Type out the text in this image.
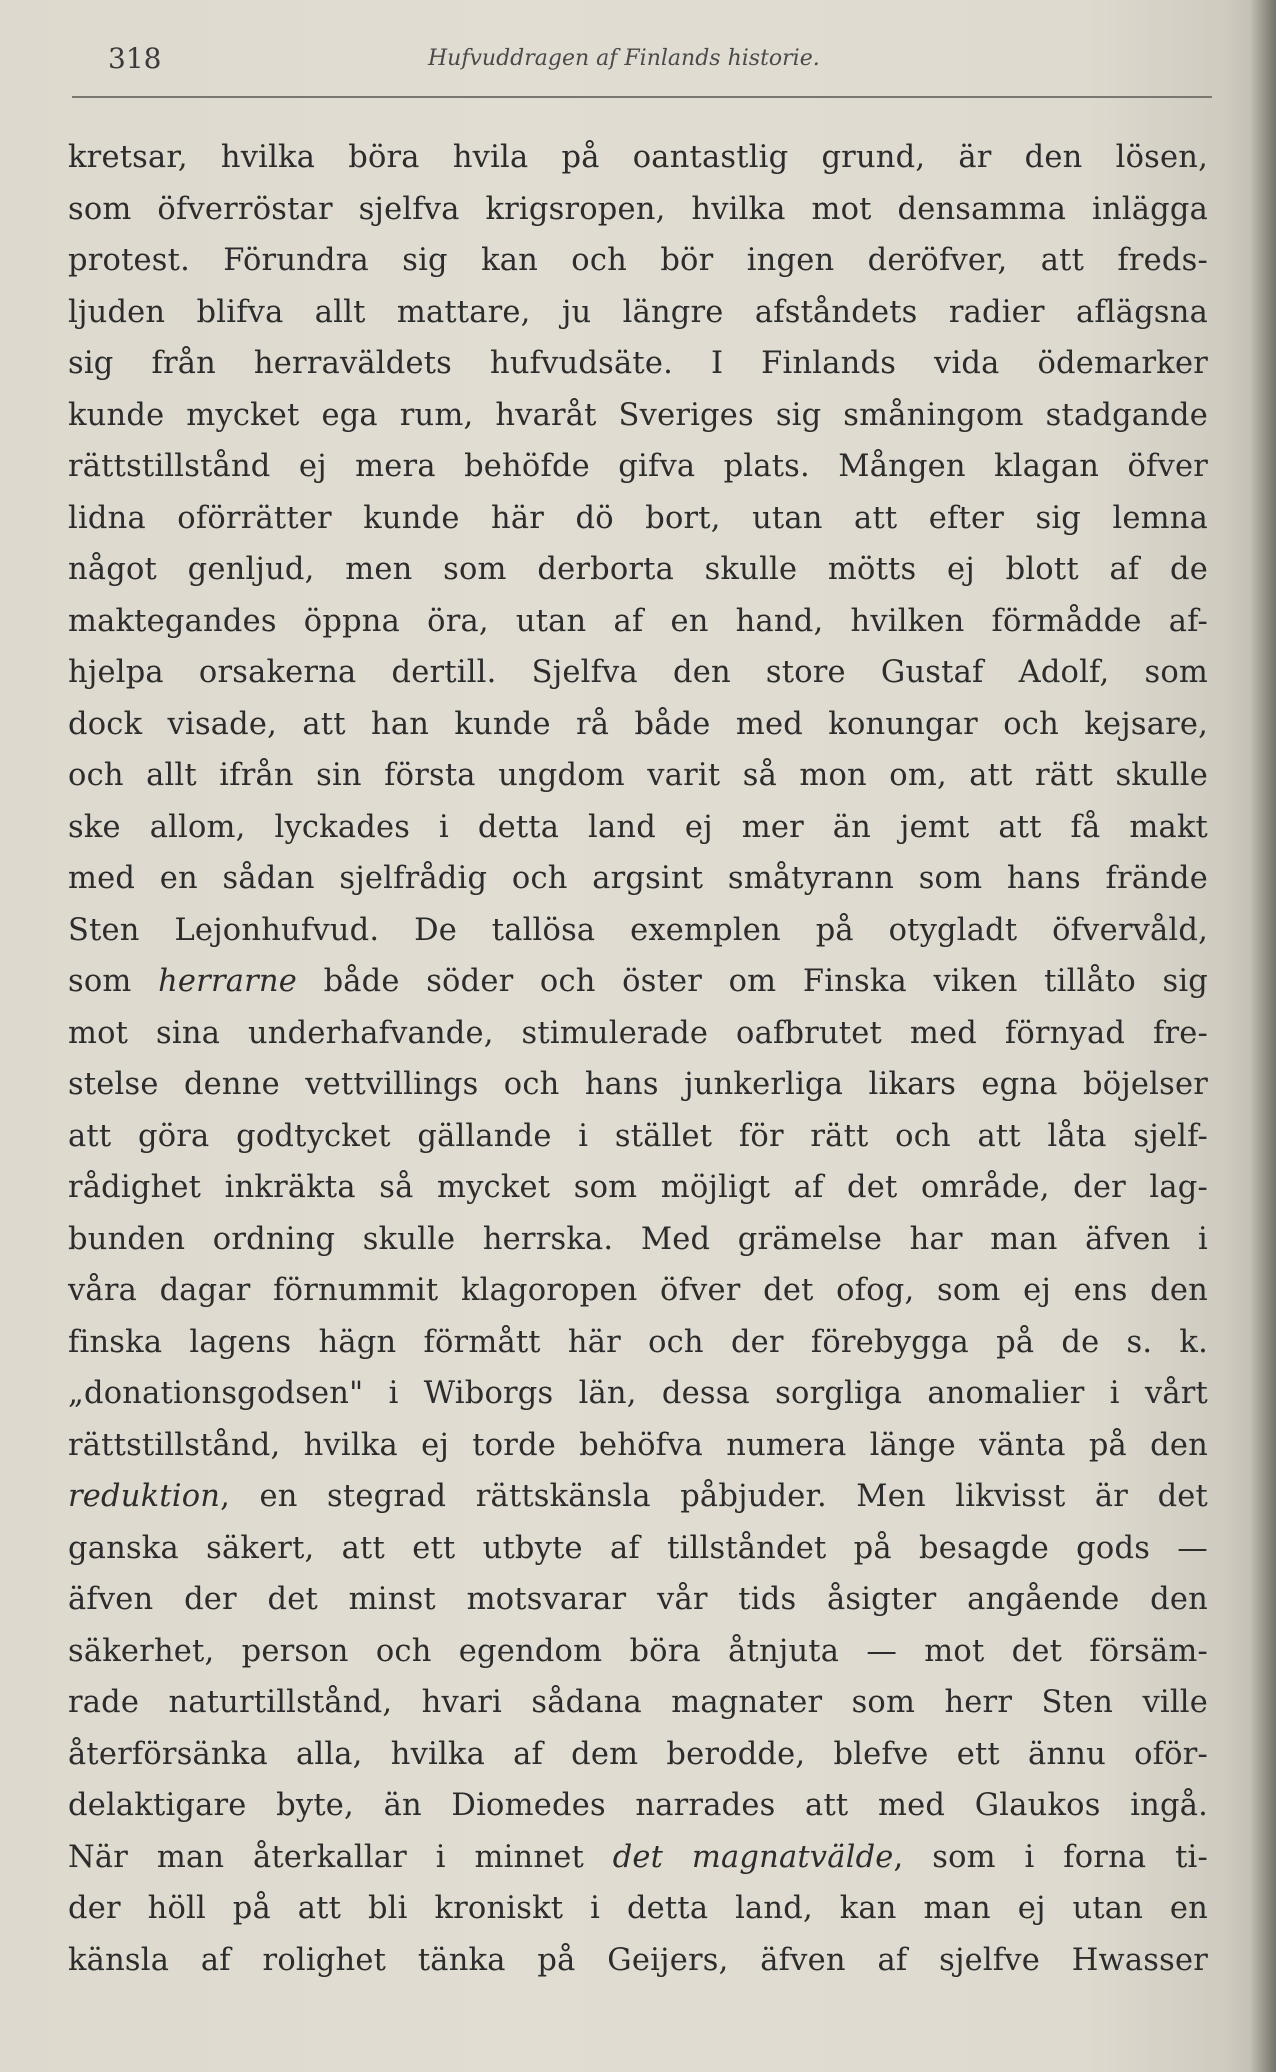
318	Hufvuddragen af Finlands historie.
kretsar, hvilka böra hvila på oantastlig grund, är den lösen,
som öfverröstar sjelfva krigsropen, hvilka mot densamma inlägga
protest. Förundra sig kan och bör ingen deröfver, att freds-
ljuden blifva allt mattare, ju längre afståndets radier aflägsna
sig från herraväldets hufvudsäte. I Finlands vida ödemarker
kunde mycket ega rum, hvaråt Sveriges sig småningom stadgande
rättstillstånd ej mera behöfde gifva plats. Mången klagan öfver
lidna oförrätter kunde här dö bort, utan att efter sig lemna
något genljud, men som derborta skulle mötts ej blott af de
maktegandes öppna öra, utan af en hand, hvilken förmådde af-
hjelpa orsakerna dertill. Sjelfva den store Gustaf Adolf, som
dock visade, att han kunde rå både med konungar och kejsare,
och allt ifrån sin första ungdom varit så mon om, att rätt skulle
ske allom, lyckades i detta land ej mer än jemt att få makt
med en sådan sjelfrådig och argsint småtyrann som hans frände
Sten Lejonhufvud. De tallösa exemplen på otygladt öfvervåld,
som herrarne både söder och öster om Finska viken tillåto sig
mot sina underhafvande, stimulerade oafbrutet med förnyad fre-
stelse denne vettvillings och hans junkerliga likars egna böjelser
att göra godtycket gällande i stället för rätt och att låta sjelf-
rådighet inkräkta så mycket som möjligt af det område, der lag-
bunden ordning skulle herrska. Med grämelse har man äfven i
våra dagar förnummit klagoropen öfver det ofog, som ej ens den
finska lagens hägn förmått här och der förebygga på de s. k.
„donationsgodsen" i Wiborgs län, dessa sorgliga anomalier i vårt
rättstillstånd, hvilka ej torde behöfva numera länge vänta på den
reduktion, en stegrad rättskänsla påbjuder. Men likvisst är det
ganska säkert, att ett utbyte af tillståndet på besagde gods —
äfven der det minst motsvarar vår tids åsigter angående den
säkerhet, person och egendom böra åtnjuta — mot det försäm-
rade naturtillstånd, hvari sådana magnater som herr Sten ville
återförsänka alla, hvilka af dem berodde, blefve ett ännu oför-
delaktigare byte, än Diomedes narrades att med Glaukos ingå.
När man återkallar i minnet det magnatvälde, som i forna ti-
der höll på att bli kroniskt i detta land, kan man ej utan en
känsla af rolighet tänka på Geijers, äfven af sjelfve Hwasser
